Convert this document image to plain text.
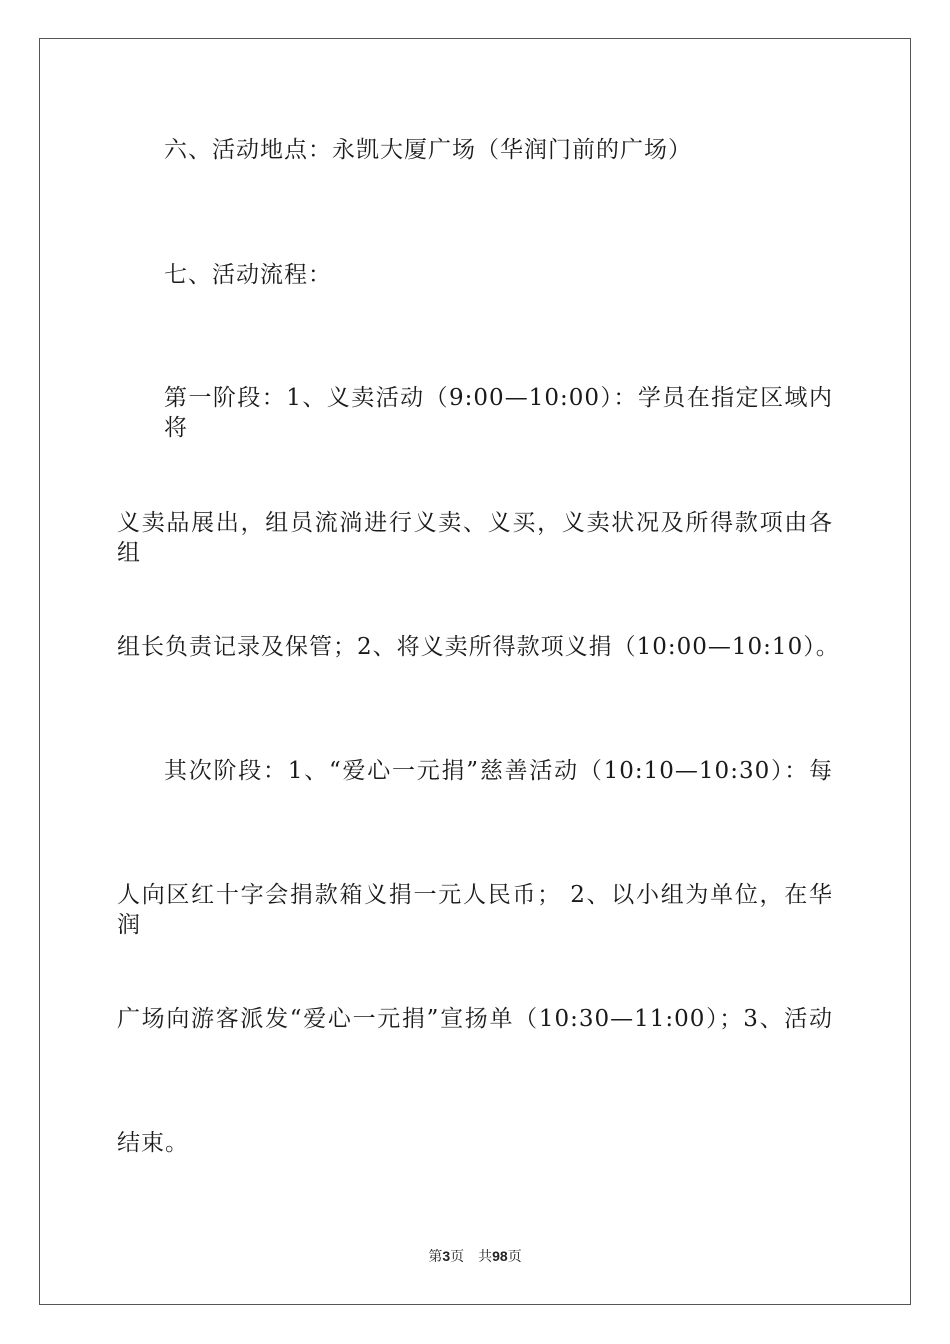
六、活动地点：永凯大厦广场（华润门前的广场）
七、活动流程：
第一阶段：1、义卖活动（9:00—10:00）：学员在指定区域内将
义卖品展出，组员流淌进行义卖、义买，义卖状况及所得款项由各组
组长负责记录及保管；2、将义卖所得款项义捐（10:00—10:10）。
其次阶段：1、“爱心一元捐”慈善活动（10:10—10:30）：每
人向区红十字会捐款箱义捐一元人民币； 2、以小组为单位，在华润
广场向游客派发“爱心一元捐”宣扬单（10:30—11:00）；3、活动
结束。
第3页 共98页
